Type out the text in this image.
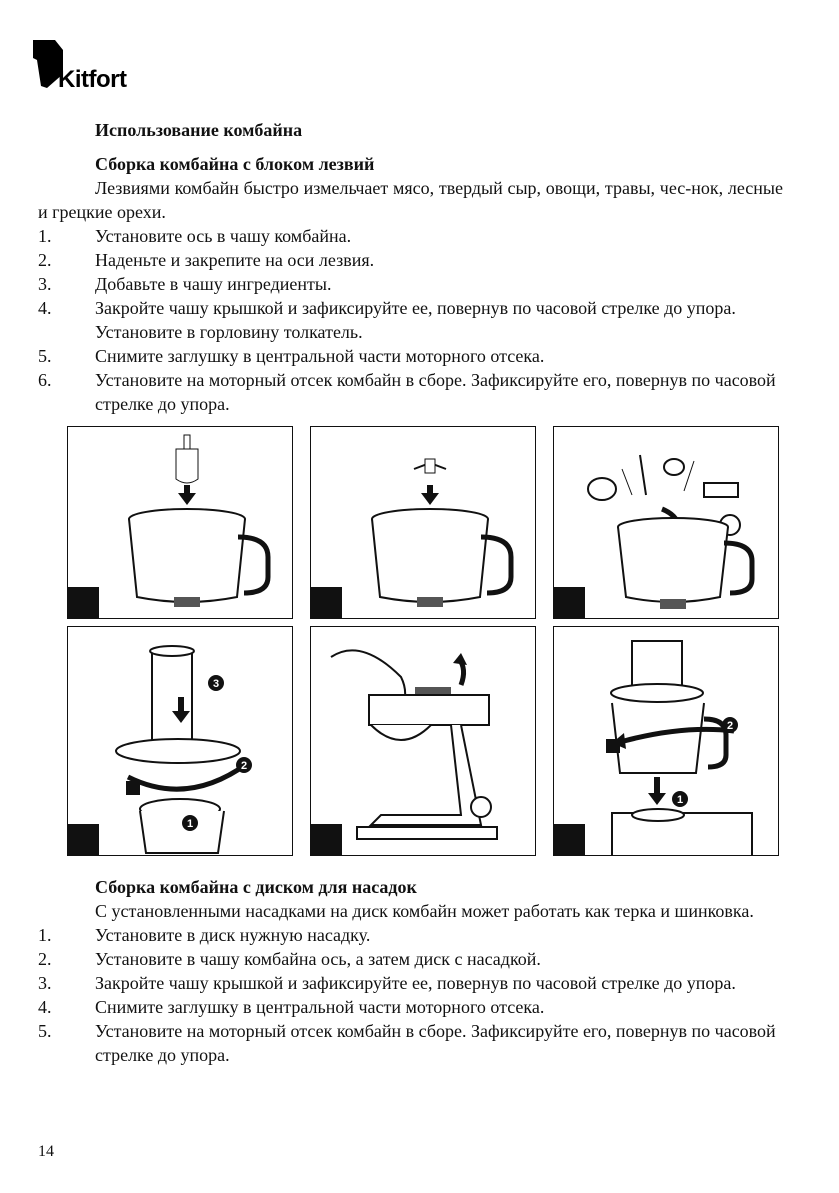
Kitfort
Использование комбайна
Сборка комбайна с блоком лезвий

Лезвиями комбайн быстро измельчает мясо, твердый сыр, овощи, травы, чес-нок, лесные и грецкие орехи.

1. Установите ось в чашу комбайна.
2. Наденьте и закрепите на оси лезвия.
3. Добавьте в чашу ингредиенты.
4. Закройте чашу крышкой и зафиксируйте ее, повернув по часовой стрелке до упора. Установите в горловину толкатель.
5. Снимите заглушку в центральной части моторного отсека.
6. Установите на моторный отсек комбайн в сборе. Зафиксируйте его, повернув по часовой стрелке до упора.
3
2
1
2
1
Сборка комбайна с диском для насадок

С установленными насадками на диск комбайн может работать как терка и шинковка.

1. Установите в диск нужную насадку.
2. Установите в чашу комбайна ось, а затем диск с насадкой.
3. Закройте чашу крышкой и зафиксируйте ее, повернув по часовой стрелке до упора.
4. Снимите заглушку в центральной части моторного отсека.
5. Установите на моторный отсек комбайн в сборе. Зафиксируйте его, повернув по часовой стрелке до упора.
14
